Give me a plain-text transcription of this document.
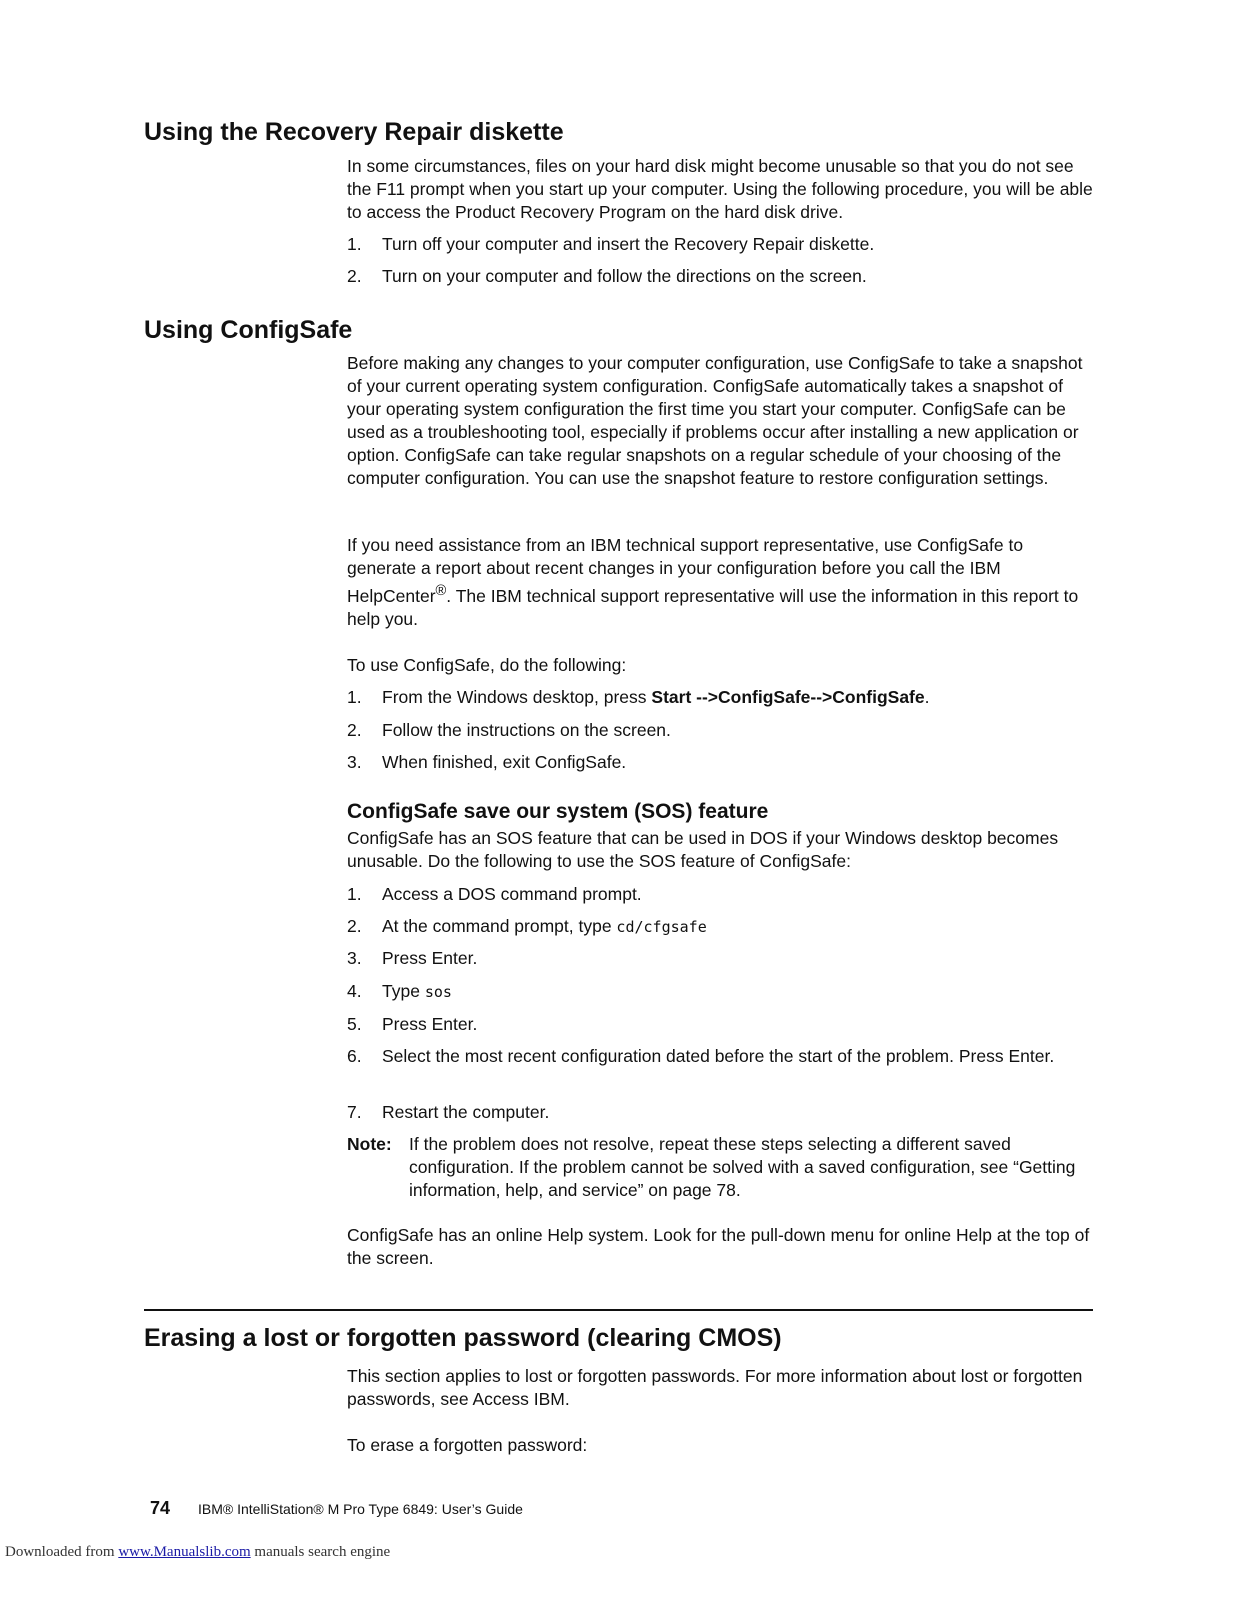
Using the Recovery Repair diskette

In some circumstances, files on your hard disk might become unusable so that you do not see the F11 prompt when you start up your computer. Using the following procedure, you will be able to access the Product Recovery Program on the hard disk drive.

1. Turn off your computer and insert the Recovery Repair diskette.
2. Turn on your computer and follow the directions on the screen.
Using ConfigSafe

Before making any changes to your computer configuration, use ConfigSafe to take a snapshot of your current operating system configuration. ConfigSafe automatically takes a snapshot of your operating system configuration the first time you start your computer. ConfigSafe can be used as a troubleshooting tool, especially if problems occur after installing a new application or option. ConfigSafe can take regular snapshots on a regular schedule of your choosing of the computer configuration. You can use the snapshot feature to restore configuration settings.

If you need assistance from an IBM technical support representative, use ConfigSafe to generate a report about recent changes in your configuration before you call the IBM HelpCenter®. The IBM technical support representative will use the information in this report to help you.

To use ConfigSafe, do the following:

1. From the Windows desktop, press Start -->ConfigSafe-->ConfigSafe.
2. Follow the instructions on the screen.
3. When finished, exit ConfigSafe.
ConfigSafe save our system (SOS) feature

ConfigSafe has an SOS feature that can be used in DOS if your Windows desktop becomes unusable. Do the following to use the SOS feature of ConfigSafe:

1. Access a DOS command prompt.
2. At the command prompt, type cd/cfgsafe
3. Press Enter.
4. Type sos
5. Press Enter.
6. Select the most recent configuration dated before the start of the problem. Press Enter.
7. Restart the computer.
Note: If the problem does not resolve, repeat these steps selecting a different saved configuration. If the problem cannot be solved with a saved configuration, see “Getting information, help, and service” on page 78.

ConfigSafe has an online Help system. Look for the pull-down menu for online Help at the top of the screen.

Erasing a lost or forgotten password (clearing CMOS)

This section applies to lost or forgotten passwords. For more information about lost or forgotten passwords, see Access IBM.

To erase a forgotten password:

74 IBM® IntelliStation® M Pro Type 6849: User’s Guide
Downloaded from www.Manualslib.com manuals search engine
